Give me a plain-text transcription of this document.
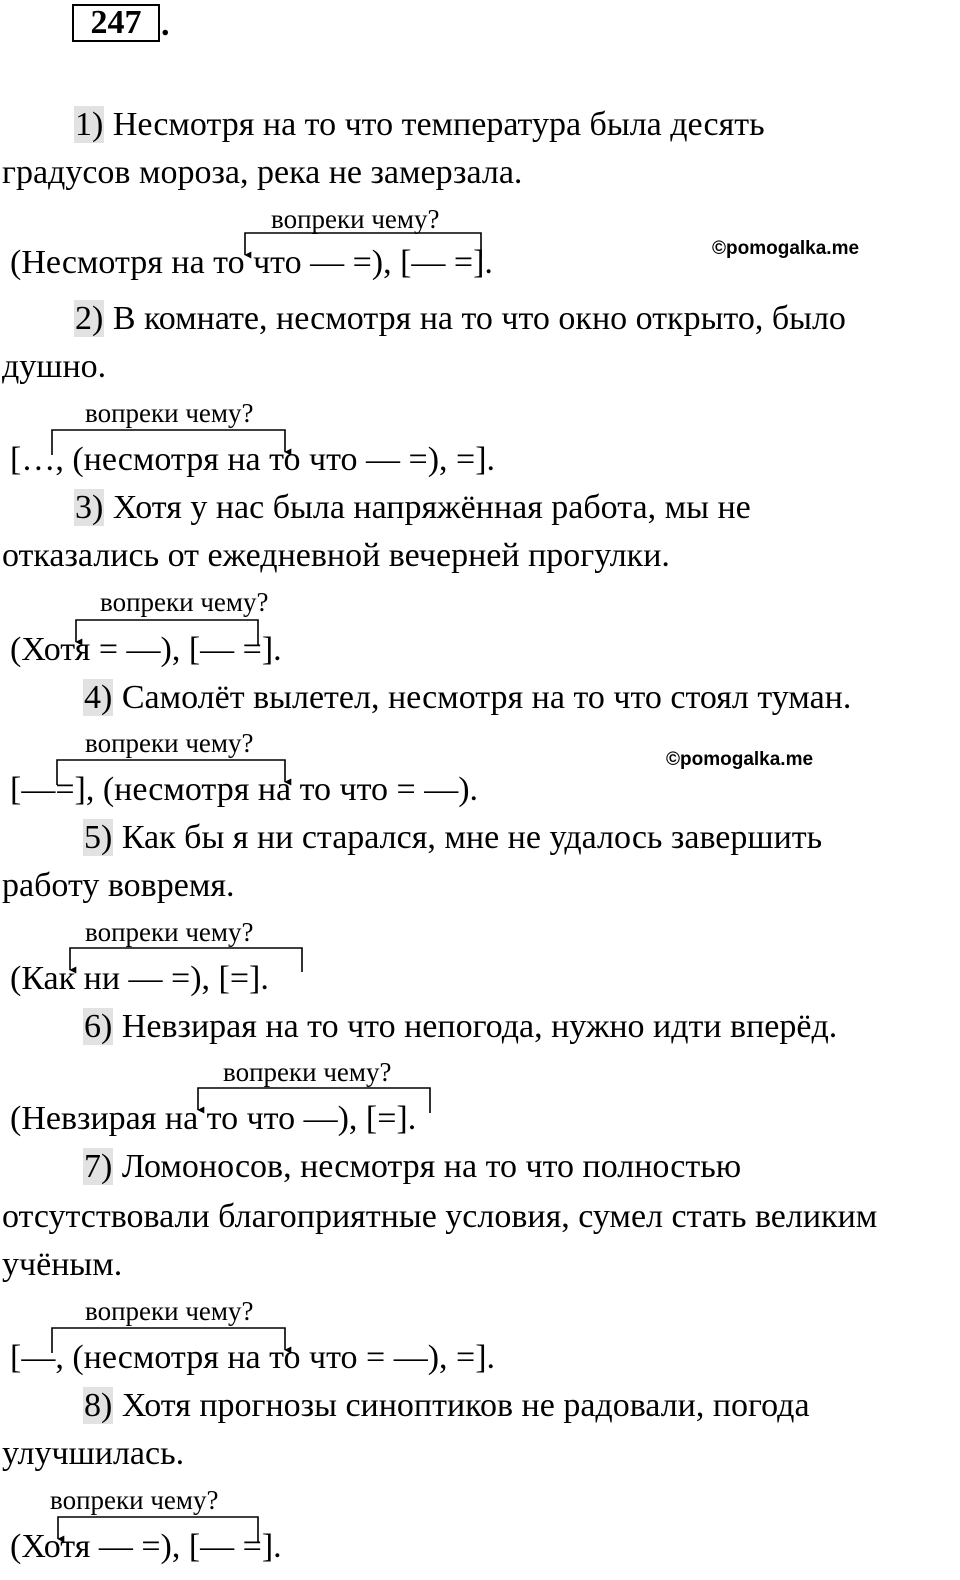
247 .
1) Несмотря на то что температура была десять
градусов мороза, река не замерзала.
вопреки чему?
(Несмотря на то что — =), [— =].	©pomogalka.me
2) В комнате, несмотря на то что окно открыто, было
душно.
вопреки чему?
[…, (несмотря на то что — =), =].
3) Хотя у нас была напряжённая работа, мы не
отказались от ежедневной вечерней прогулки.
вопреки чему?
(Хотя = —), [— =].
4) Самолёт вылетел, несмотря на то что стоял туман.
вопреки чему?
[—=], (несмотря на то что = —).
©pomogalka.me
5) Как бы я ни старался, мне не удалось завершить
работу вовремя.
вопреки чему?
(Как ни — =), [=].
6) Невзирая на то что непогода, нужно идти вперёд.
вопреки чему?
(Невзирая на то что —), [=].
7) Ломоносов, несмотря на то что полностью
отсутствовали благоприятные условия, сумел стать великим
учёным.
вопреки чему?
[—, (несмотря на то что = —), =].
8) Хотя прогнозы синоптиков не радовали, погода
улучшилась.
вопреки чему?
(Хотя — =), [— =].
